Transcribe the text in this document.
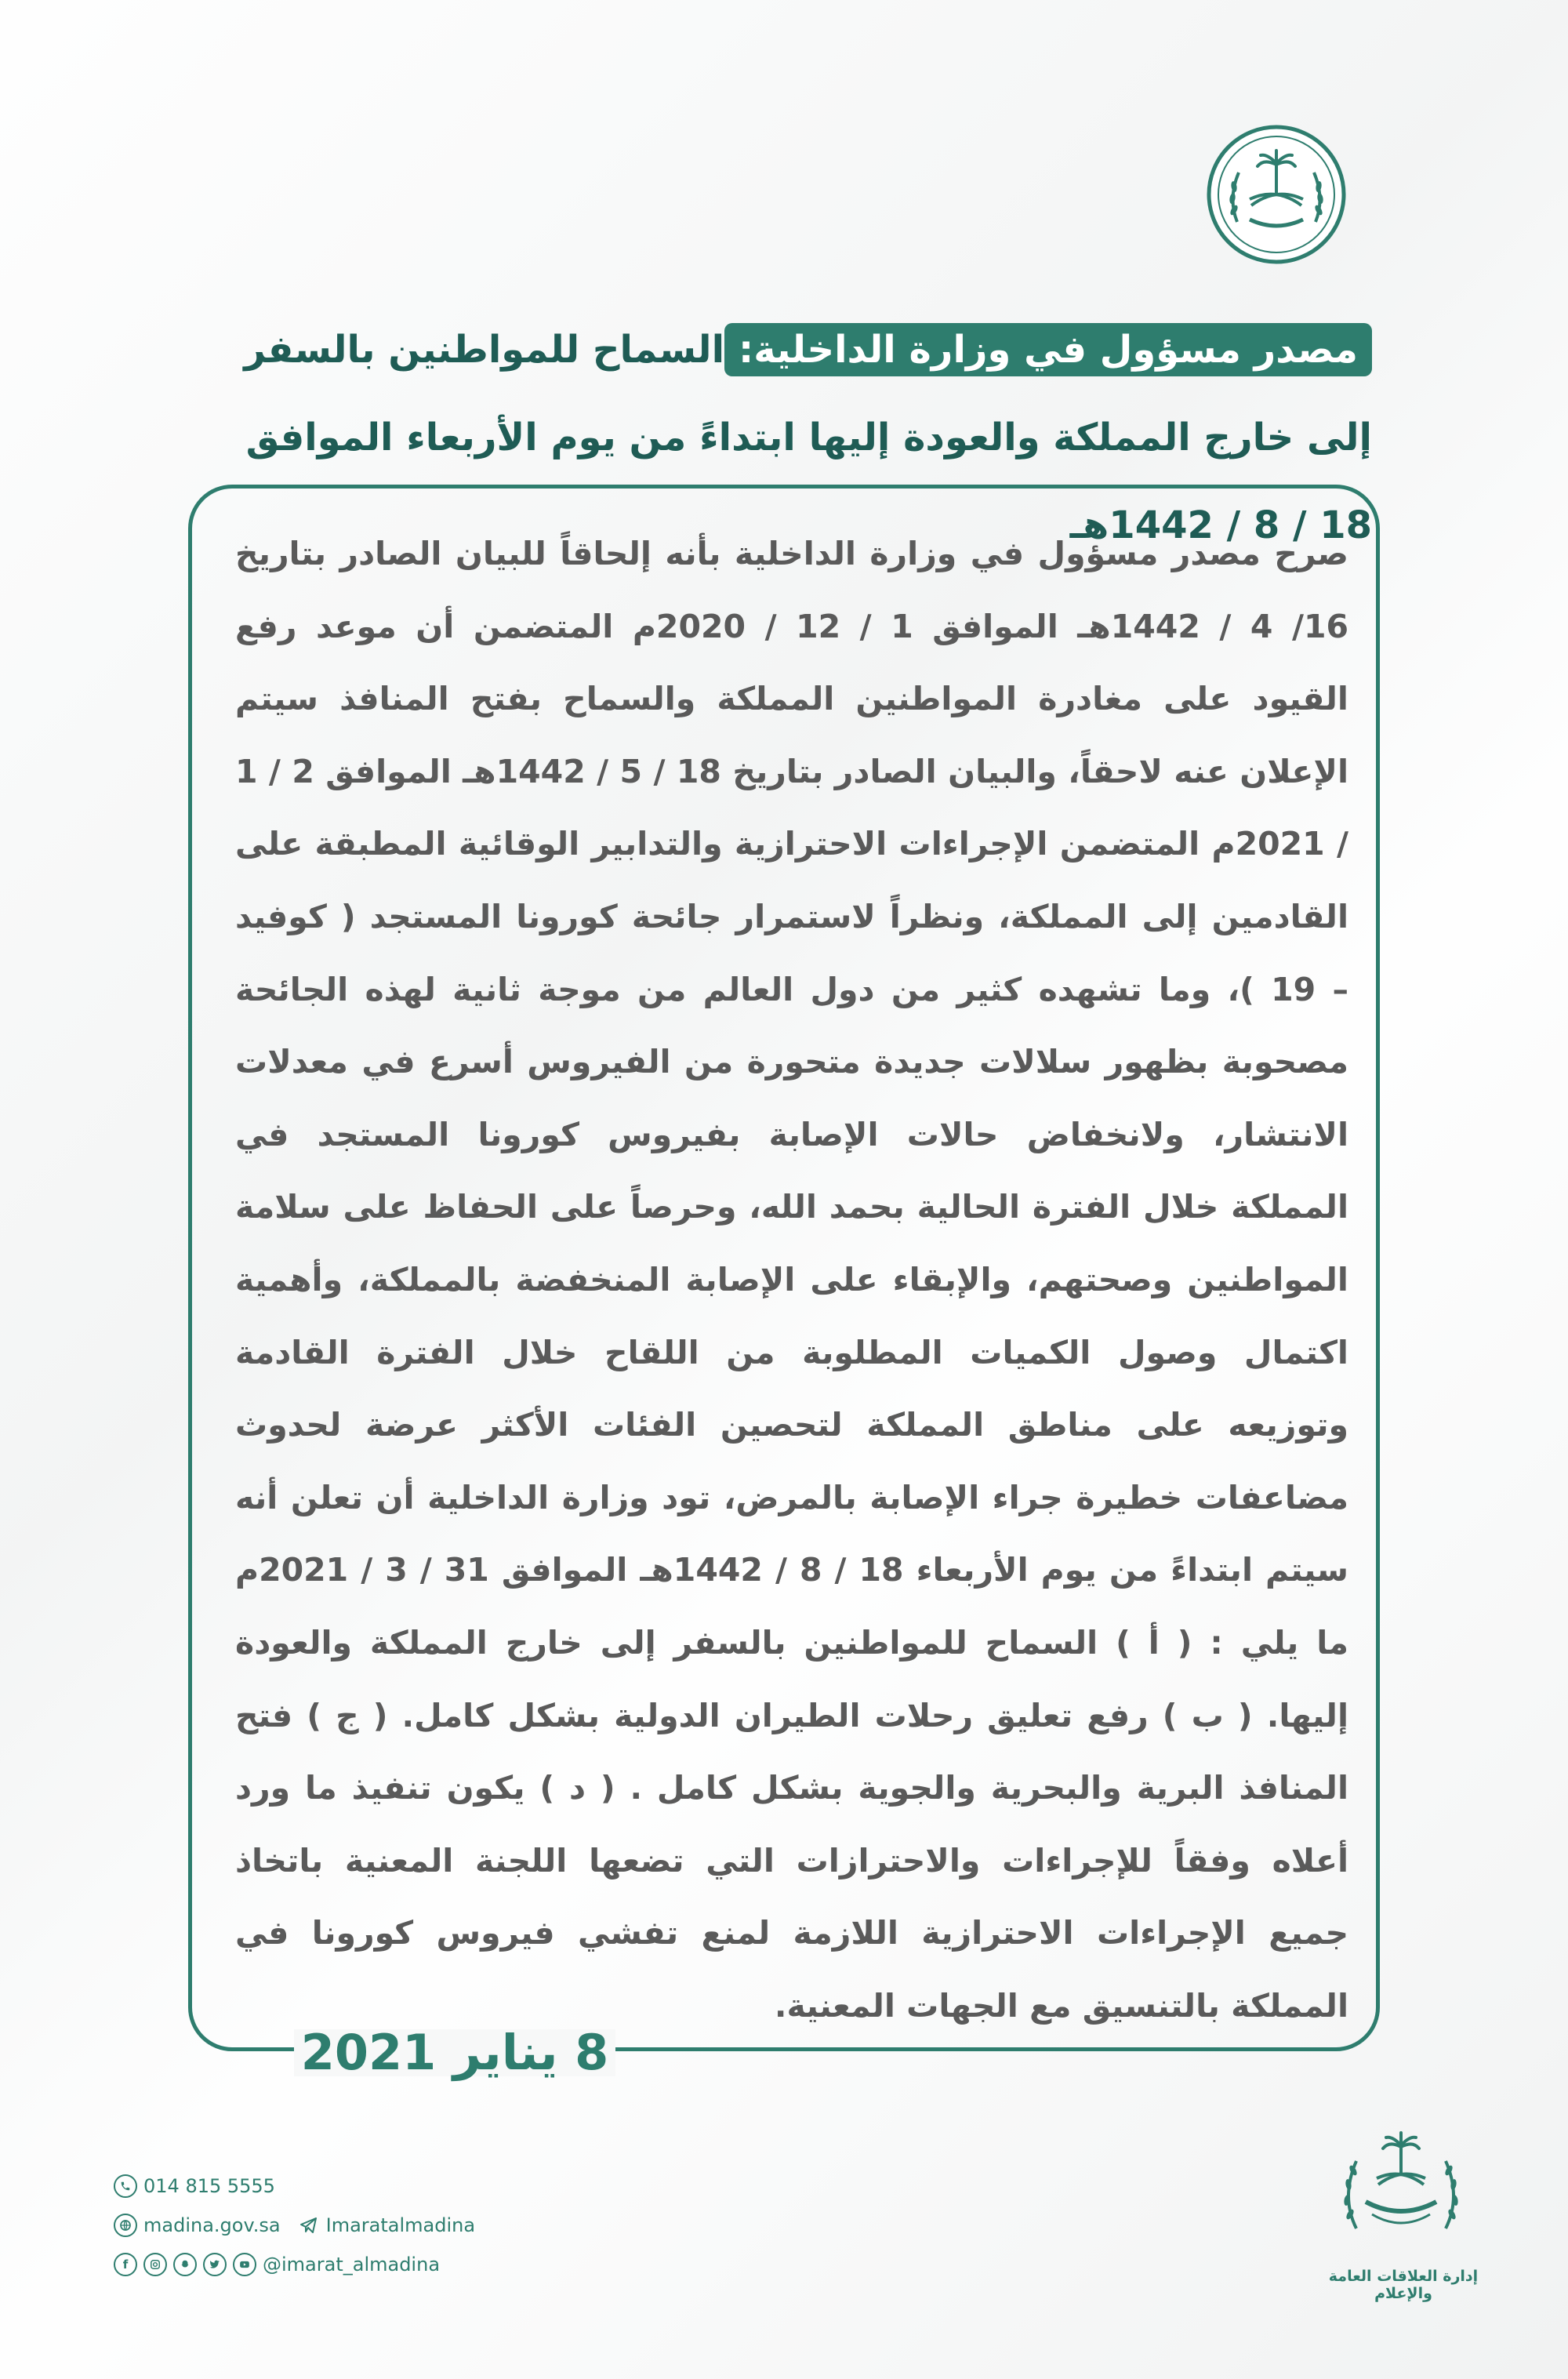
مصدر مسؤول في وزارة الداخلية:السماح للمواطنين بالسفر إلى خارج المملكة والعودة إليها ابتداءً من يوم الأربعاء الموافق 18 / 8 / 1442هـ

صرح مصدر مسؤول في وزارة الداخلية بأنه إلحاقاً للبيان الصادر بتاريخ 16/ 4 / 1442هـ الموافق 1 / 12 / 2020م المتضمن أن موعد رفع القيود على مغادرة المواطنين المملكة والسماح بفتح المنافذ سيتم الإعلان عنه لاحقاً، والبيان الصادر بتاريخ 18 / 5 / 1442هـ الموافق 2 / 1 / 2021م المتضمن الإجراءات الاحترازية والتدابير الوقائية المطبقة على القادمين إلى المملكة، ونظراً لاستمرار جائحة كورونا المستجد ( كوفيد – 19 )، وما تشهده كثير من دول العالم من موجة ثانية لهذه الجائحة مصحوبة بظهور سلالات جديدة متحورة من الفيروس أسرع في معدلات الانتشار، ولانخفاض حالات الإصابة بفيروس كورونا المستجد في المملكة خلال الفترة الحالية بحمد الله، وحرصاً على الحفاظ على سلامة المواطنين وصحتهم، والإبقاء على الإصابة المنخفضة بالمملكة، وأهمية اكتمال وصول الكميات المطلوبة من اللقاح خلال الفترة القادمة وتوزيعه على مناطق المملكة لتحصين الفئات الأكثر عرضة لحدوث مضاعفات خطيرة جراء الإصابة بالمرض، تود وزارة الداخلية أن تعلن أنه سيتم ابتداءً من يوم الأربعاء 18 / 8 / 1442هـ الموافق 31 / 3 / 2021م ما يلي : ( أ ) السماح للمواطنين بالسفر إلى خارج المملكة والعودة إليها. ( ب ) رفع تعليق رحلات الطيران الدولية بشكل كامل. ( ج ) فتح المنافذ البرية والبحرية والجوية بشكل كامل . ( د ) يكون تنفيذ ما ورد أعلاه وفقاً للإجراءات والاحترازات التي تضعها اللجنة المعنية باتخاذ جميع الإجراءات الاحترازية اللازمة لمنع تفشي فيروس كورونا في المملكة بالتنسيق مع الجهات المعنية.

8 يناير 2021
014 815 5555
madina.gov.sa Imaratalmadina
f	@imarat_almadina
إدارة العلاقات العامة والإعلام
